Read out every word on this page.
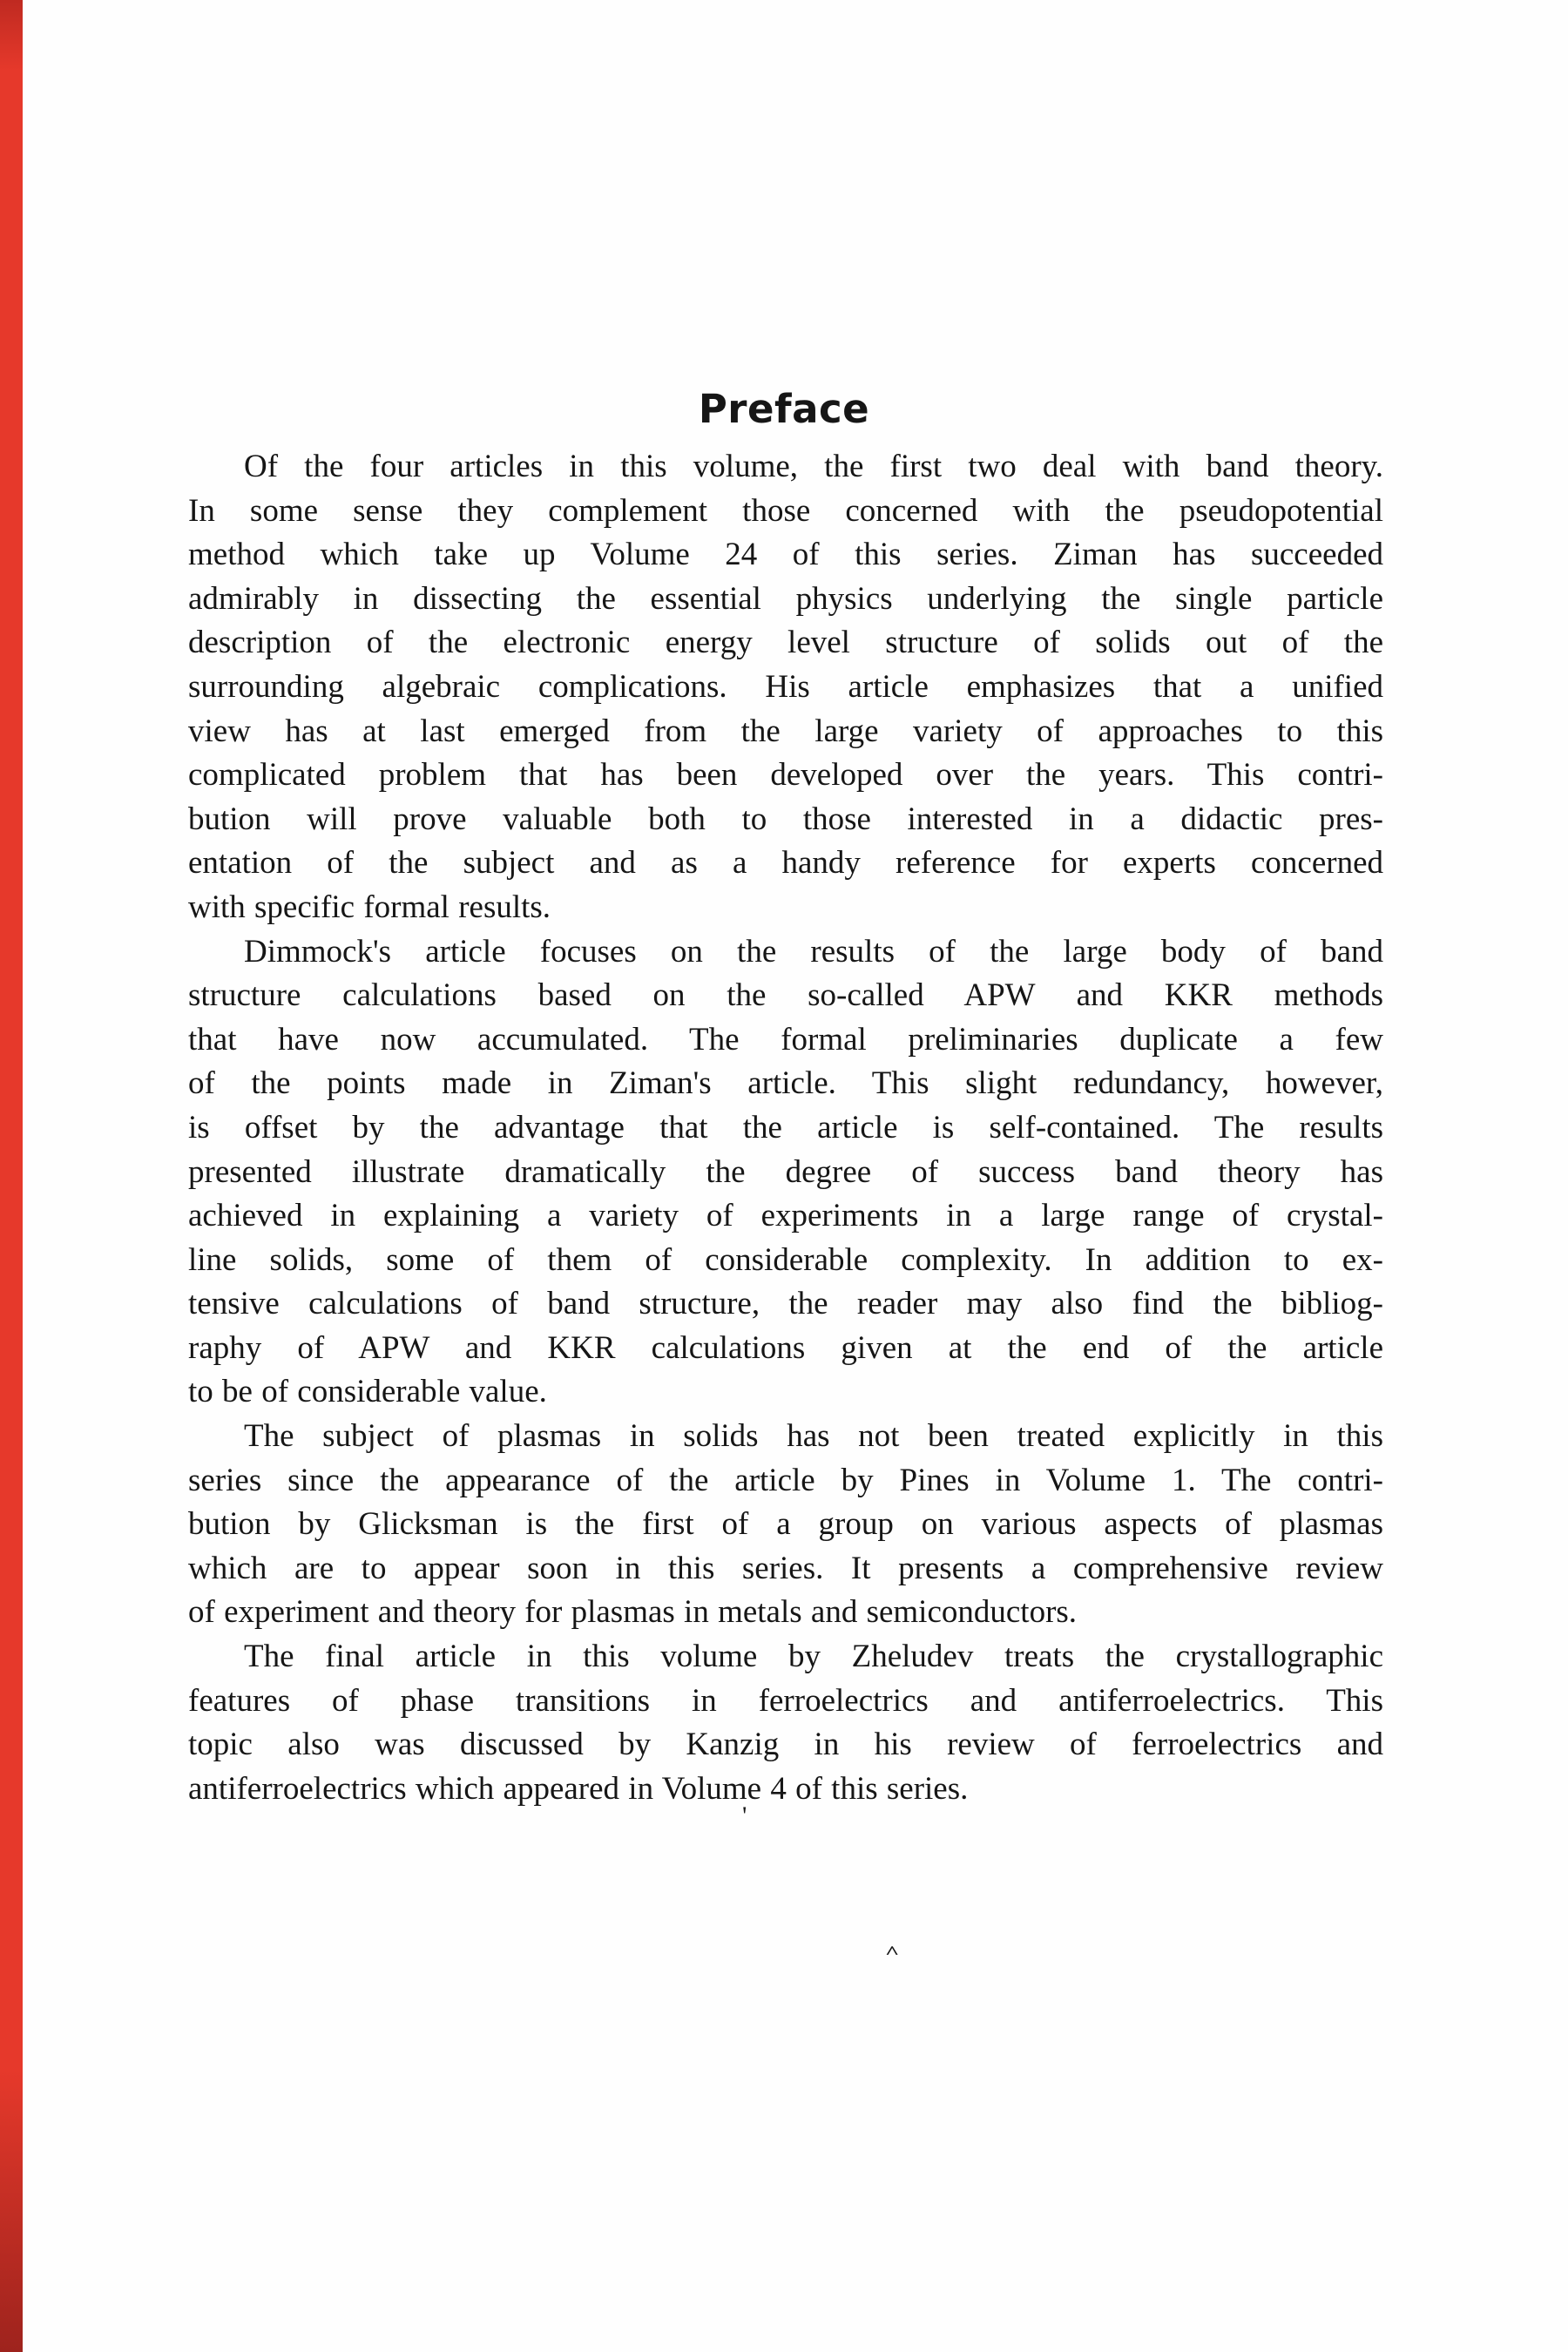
Preface
Of the four articles in this volume, the first two deal with band theory.
In some sense they complement those concerned with the pseudopotential
method which take up Volume 24 of this series. Ziman has succeeded
admirably in dissecting the essential physics underlying the single particle
description of the electronic energy level structure of solids out of the
surrounding algebraic complications. His article emphasizes that a unified
view has at last emerged from the large variety of approaches to this
complicated problem that has been developed over the years. This contri-
bution will prove valuable both to those interested in a didactic pres-
entation of the subject and as a handy reference for experts concerned
with specific formal results.
Dimmock's article focuses on the results of the large body of band
structure calculations based on the so-called APW and KKR methods
that have now accumulated. The formal preliminaries duplicate a few
of the points made in Ziman's article. This slight redundancy, however,
is offset by the advantage that the article is self-contained. The results
presented illustrate dramatically the degree of success band theory has
achieved in explaining a variety of experiments in a large range of crystal-
line solids, some of them of considerable complexity. In addition to ex-
tensive calculations of band structure, the reader may also find the bibliog-
raphy of APW and KKR calculations given at the end of the article
to be of considerable value.
The subject of plasmas in solids has not been treated explicitly in this
series since the appearance of the article by Pines in Volume 1. The contri-
bution by Glicksman is the first of a group on various aspects of plasmas
which are to appear soon in this series. It presents a comprehensive review
of experiment and theory for plasmas in metals and semiconductors.
The final article in this volume by Zheludev treats the crystallographic
features of phase transitions in ferroelectrics and antiferroelectrics. This
topic also was discussed by Kanzig in his review of ferroelectrics and
antiferroelectrics which appeared in Volume 4 of this series.
'
^
